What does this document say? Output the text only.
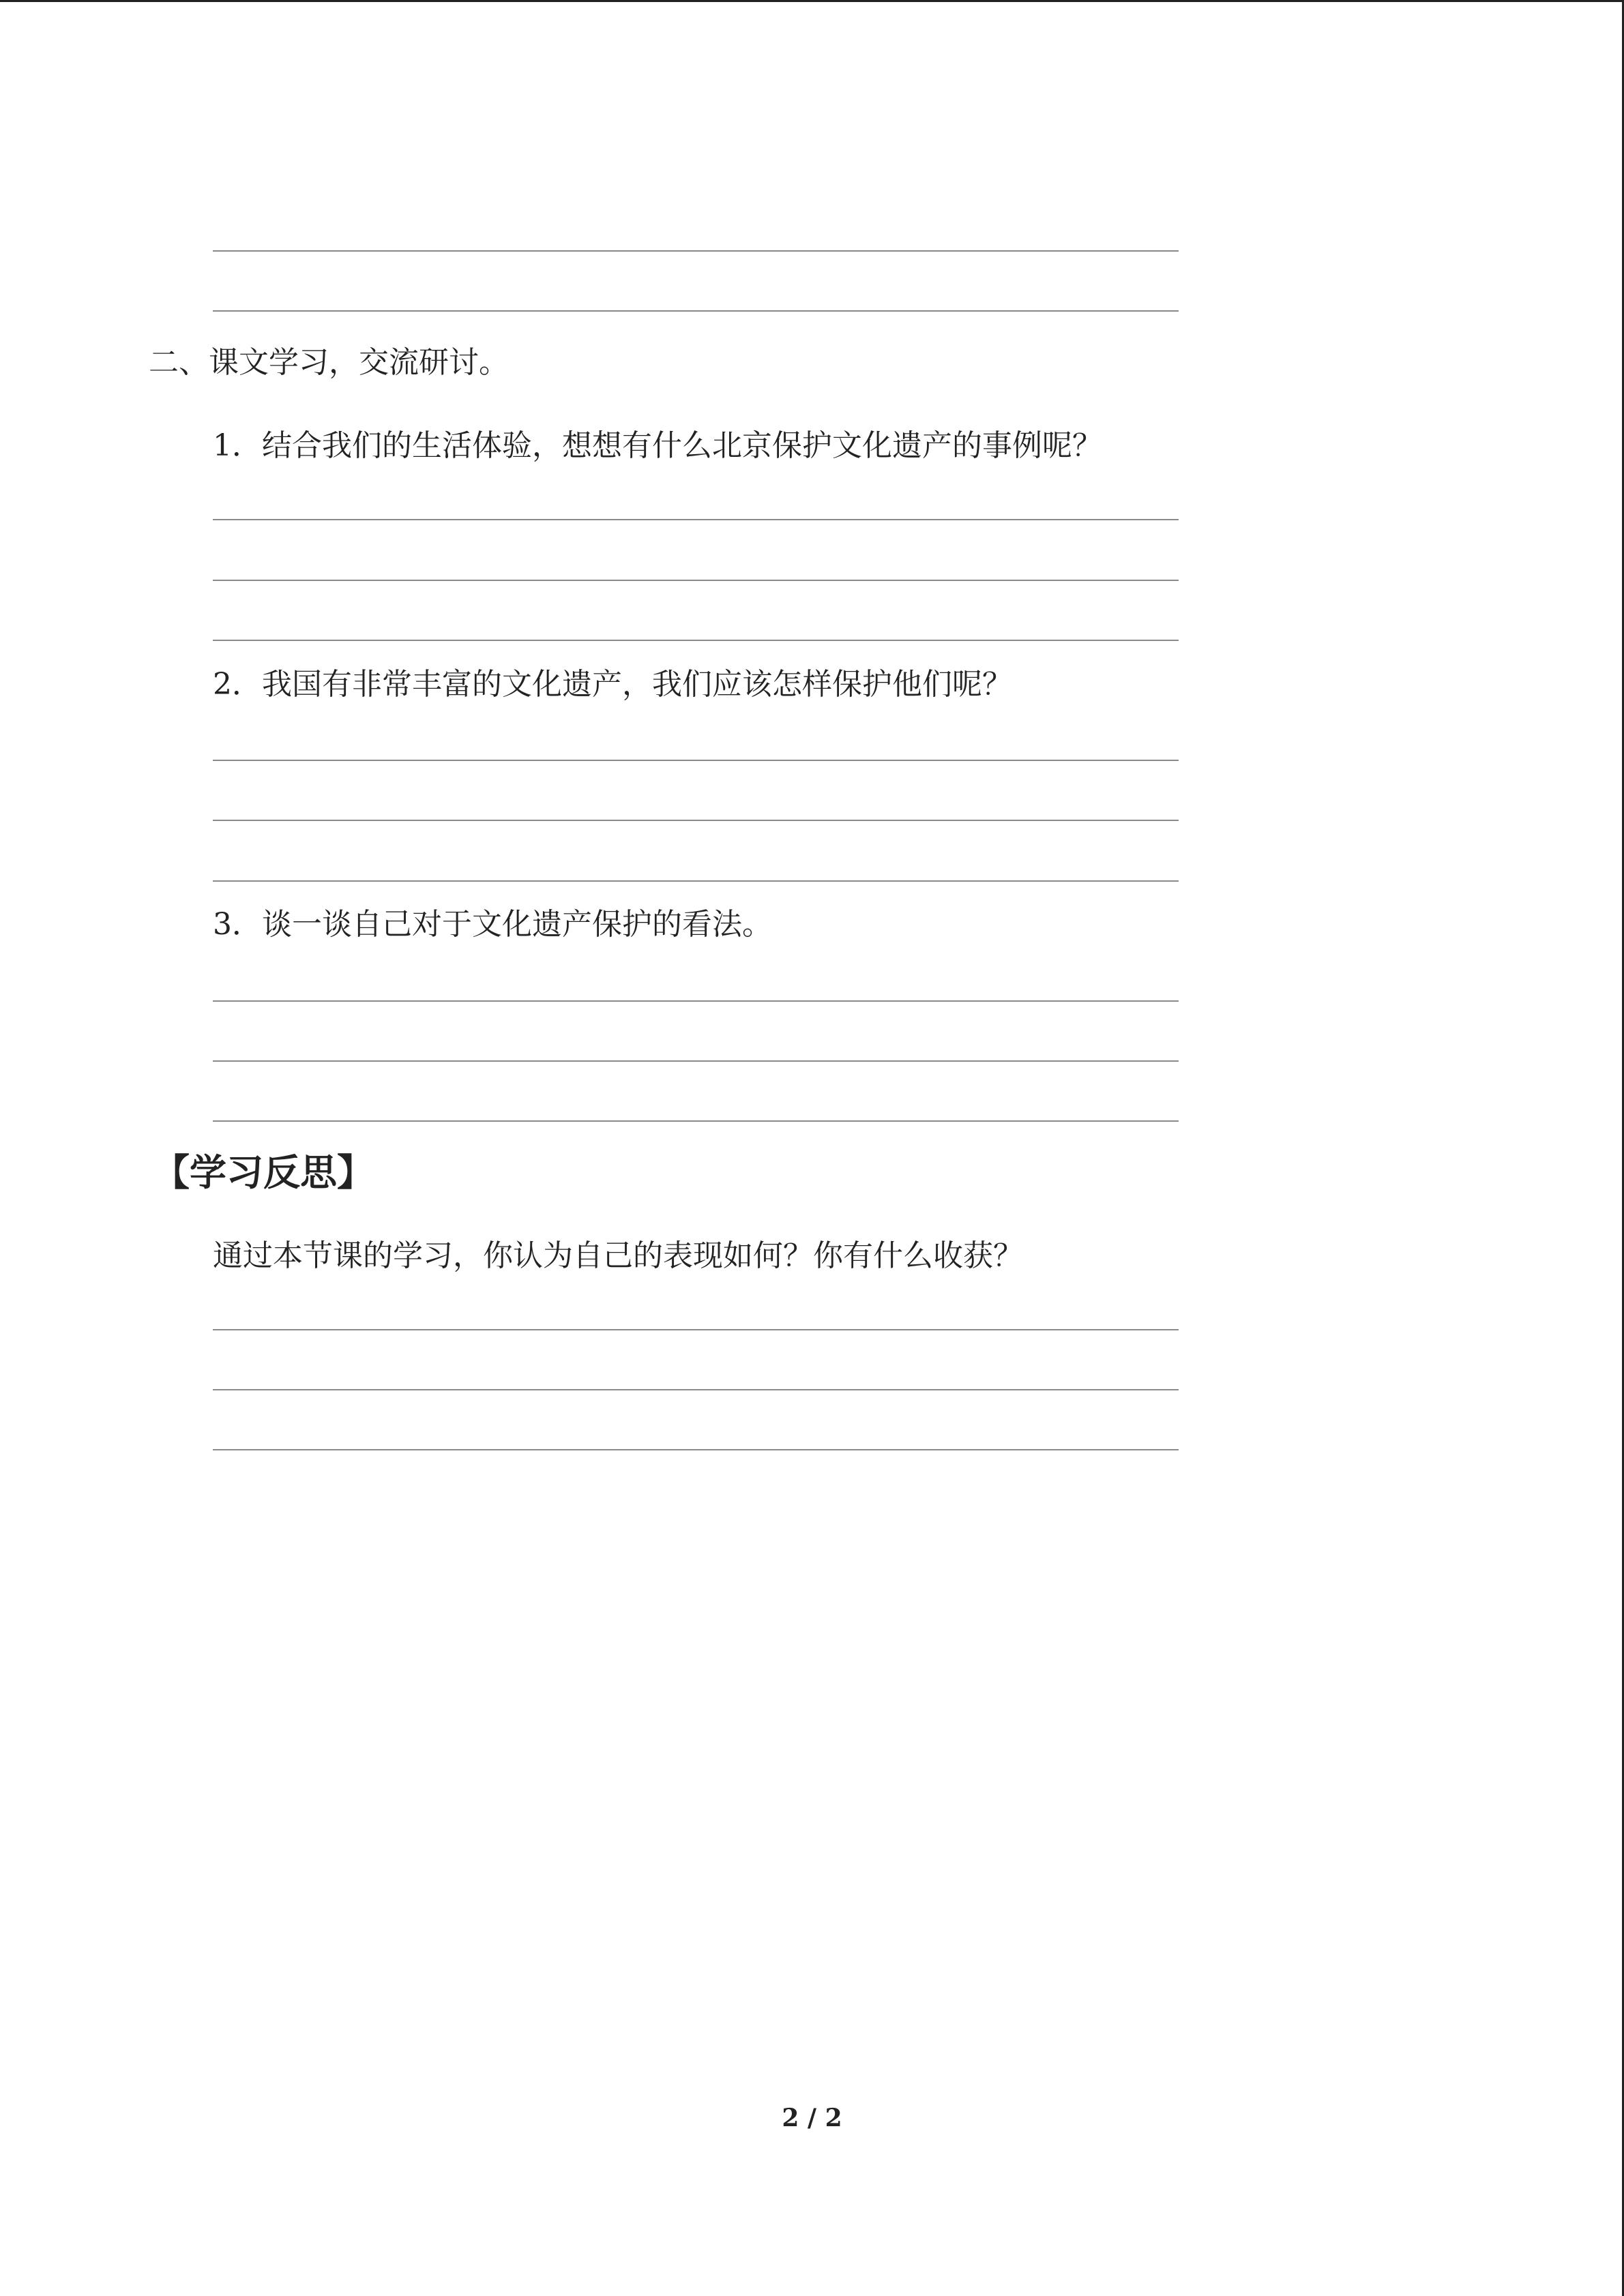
二、课文学习，交流研讨。
1．结合我们的生活体验，想想有什么北京保护文化遗产的事例呢？
2．我国有非常丰富的文化遗产，我们应该怎样保护他们呢？
3．谈一谈自己对于文化遗产保护的看法。
【学习反思】
通过本节课的学习，你认为自己的表现如何？你有什么收获？
2 / 2
